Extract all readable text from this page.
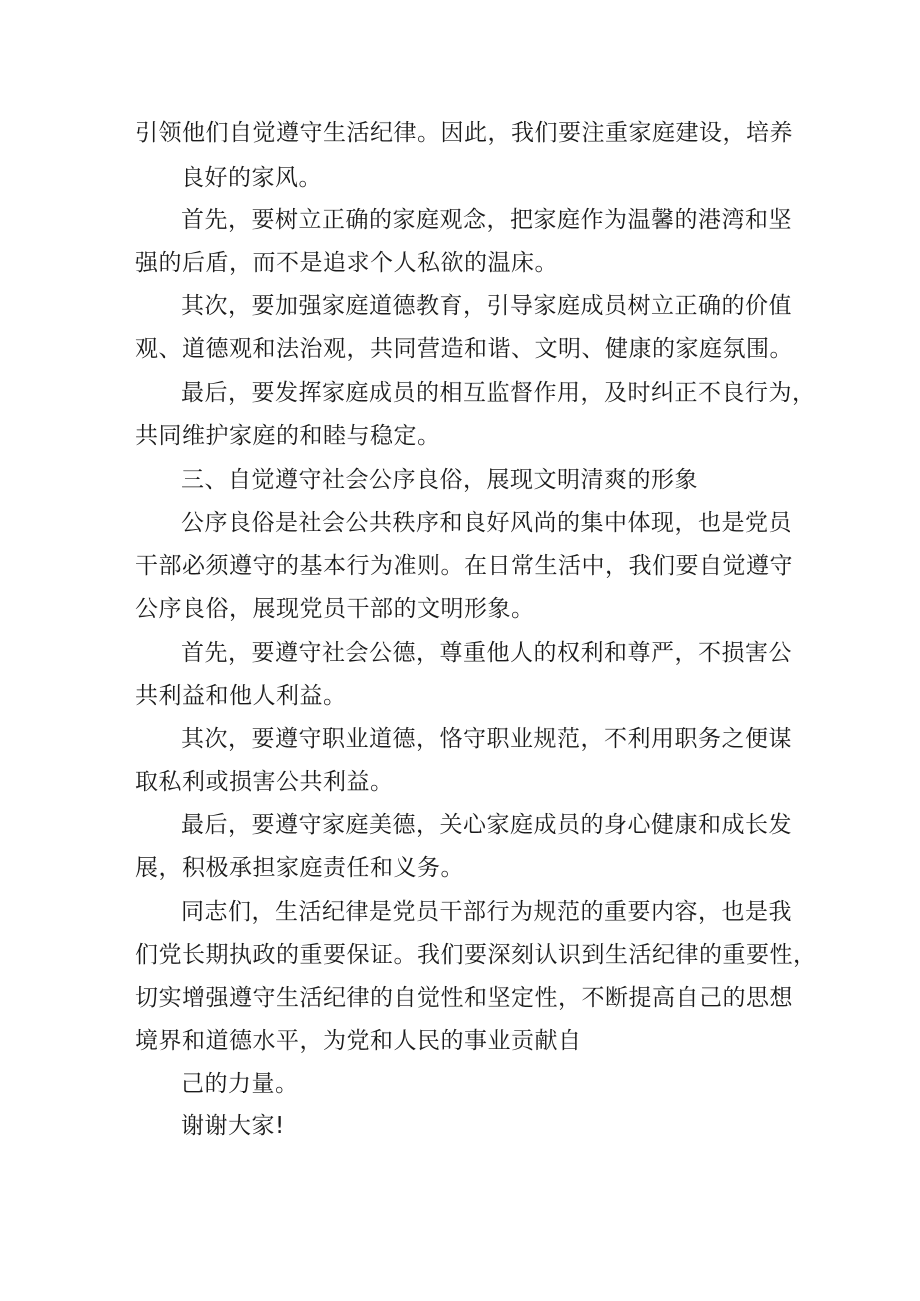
引领他们自觉遵守生活纪律。因此，我们要注重家庭建设，培养
良好的家风。
首先，要树立正确的家庭观念，把家庭作为温馨的港湾和坚
强的后盾，而不是追求个人私欲的温床。
其次，要加强家庭道德教育，引导家庭成员树立正确的价值
观、道德观和法治观，共同营造和谐、文明、健康的家庭氛围。
最后，要发挥家庭成员的相互监督作用，及时纠正不良行为，
共同维护家庭的和睦与稳定。
三、自觉遵守社会公序良俗，展现文明清爽的形象
公序良俗是社会公共秩序和良好风尚的集中体现，也是党员
干部必须遵守的基本行为准则。在日常生活中，我们要自觉遵守
公序良俗，展现党员干部的文明形象。
首先，要遵守社会公德，尊重他人的权利和尊严，不损害公
共利益和他人利益。
其次，要遵守职业道德，恪守职业规范，不利用职务之便谋
取私利或损害公共利益。
最后，要遵守家庭美德，关心家庭成员的身心健康和成长发
展，积极承担家庭责任和义务。
同志们，生活纪律是党员干部行为规范的重要内容，也是我
们党长期执政的重要保证。我们要深刻认识到生活纪律的重要性，
切实增强遵守生活纪律的自觉性和坚定性，不断提高自己的思想
境界和道德水平，为党和人民的事业贡献自
己的力量。
谢谢大家!
